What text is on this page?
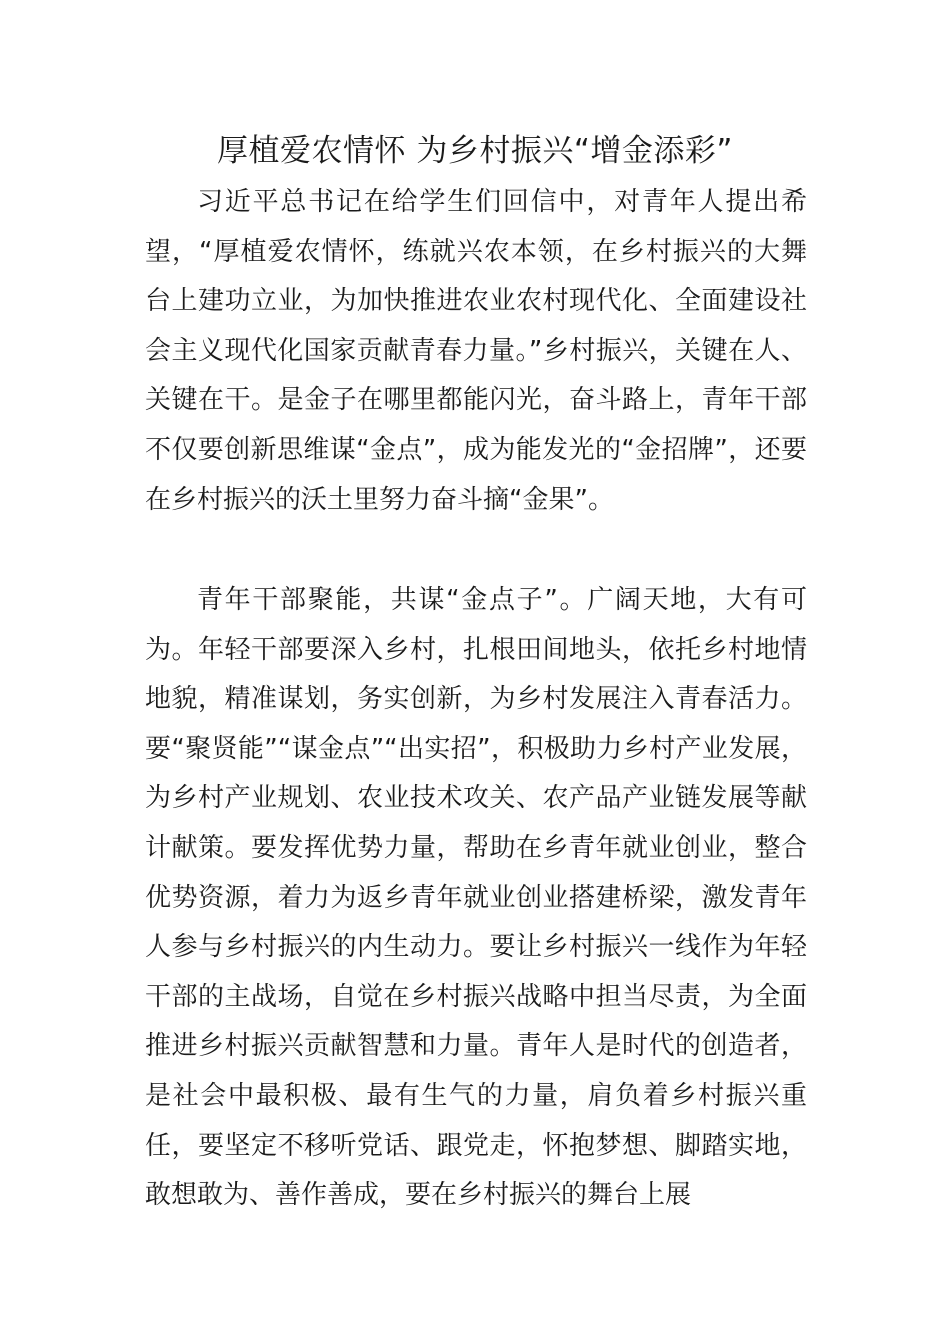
厚植爱农情怀 为乡村振兴“增金添彩”

习近平总书记在给学生们回信中，对青年人提出希望，“厚植爱农情怀，练就兴农本领，在乡村振兴的大舞台上建功立业，为加快推进农业农村现代化、全面建设社会主义现代化国家贡献青春力量。”乡村振兴，关键在人、关键在干。是金子在哪里都能闪光，奋斗路上，青年干部不仅要创新思维谋“金点”，成为能发光的“金招牌”，还要在乡村振兴的沃土里努力奋斗摘“金果”。

青年干部聚能，共谋“金点子”。广阔天地，大有可为。年轻干部要深入乡村，扎根田间地头，依托乡村地情地貌，精准谋划，务实创新，为乡村发展注入青春活力。要“聚贤能”“谋金点”“出实招”，积极助力乡村产业发展，为乡村产业规划、农业技术攻关、农产品产业链发展等献计献策。要发挥优势力量，帮助在乡青年就业创业，整合优势资源，着力为返乡青年就业创业搭建桥梁，激发青年人参与乡村振兴的内生动力。要让乡村振兴一线作为年轻干部的主战场，自觉在乡村振兴战略中担当尽责，为全面推进乡村振兴贡献智慧和力量。青年人是时代的创造者，是社会中最积极、最有生气的力量，肩负着乡村振兴重任，要坚定不移听党话、跟党走，怀抱梦想、脚踏实地，敢想敢为、善作善成，要在乡村振兴的舞台上展
